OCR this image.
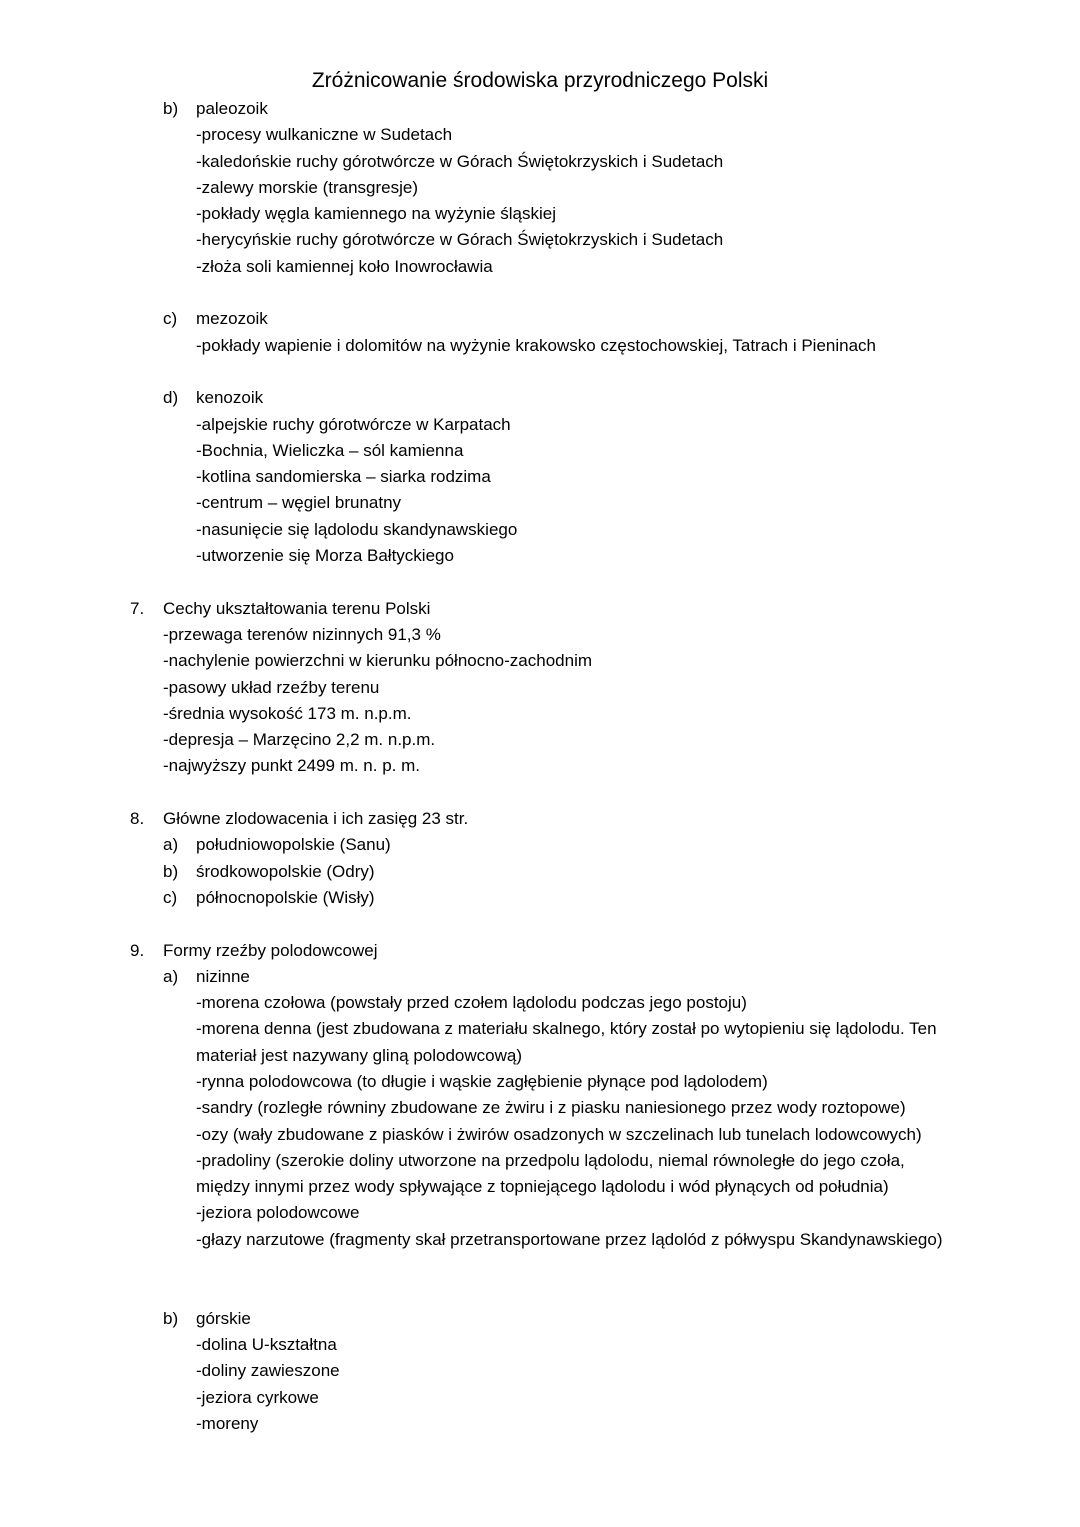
Zróżnicowanie środowiska przyrodniczego Polski
b) paleozoik
-procesy wulkaniczne w Sudetach
-kaledońskie ruchy górotwórcze w Górach Świętokrzyskich i Sudetach
-zalewy morskie (transgresje)
-pokłady węgla kamiennego na wyżynie śląskiej
-herycyńskie ruchy górotwórcze w Górach Świętokrzyskich i Sudetach
-złoża soli kamiennej koło Inowrocławia
c) mezozoik
-pokłady wapienie i dolomitów na wyżynie krakowsko częstochowskiej, Tatrach i Pieninach
d) kenozoik
-alpejskie ruchy górotwórcze w Karpatach
-Bochnia, Wieliczka – sól kamienna
-kotlina sandomierska – siarka rodzima
-centrum – węgiel brunatny
-nasunięcie się lądolodu skandynawskiego
-utworzenie się Morza Bałtyckiego
7. Cechy ukształtowania terenu Polski
-przewaga terenów nizinnych 91,3 %
-nachylenie powierzchni w kierunku północno-zachodnim
-pasowy układ rzeźby terenu
-średnia wysokość 173 m. n.p.m.
-depresja – Marzęcino 2,2 m. n.p.m.
-najwyższy punkt 2499 m. n. p. m.
8. Główne zlodowacenia i ich zasięg 23 str.
a) południowopolskie (Sanu)
b) środkowopolskie (Odry)
c) północnopolskie (Wisły)
9. Formy rzeźby polodowcowej
a) nizinne
-morena czołowa (powstały przed czołem lądolodu podczas jego postoju)
-morena denna (jest zbudowana z materiału skalnego, który został po wytopieniu się lądolodu. Ten
materiał jest nazywany gliną polodowcową)
-rynna polodowcowa (to długie i wąskie zagłębienie płynące pod lądolodem)
-sandry (rozległe równiny zbudowane ze żwiru i z piasku naniesionego przez wody roztopowe)
-ozy (wały zbudowane z piasków i żwirów osadzonych w szczelinach lub tunelach lodowcowych)
-pradoliny (szerokie doliny utworzone na przedpolu lądolodu, niemal równoległe do jego czoła,
między innymi przez wody spływające z topniejącego lądolodu i wód płynących od południa)
-jeziora polodowcowe
-głazy narzutowe (fragmenty skał przetransportowane przez lądolód z półwyspu Skandynawskiego)
b) górskie
-dolina U-kształtna
-doliny zawieszone
-jeziora cyrkowe
-moreny
